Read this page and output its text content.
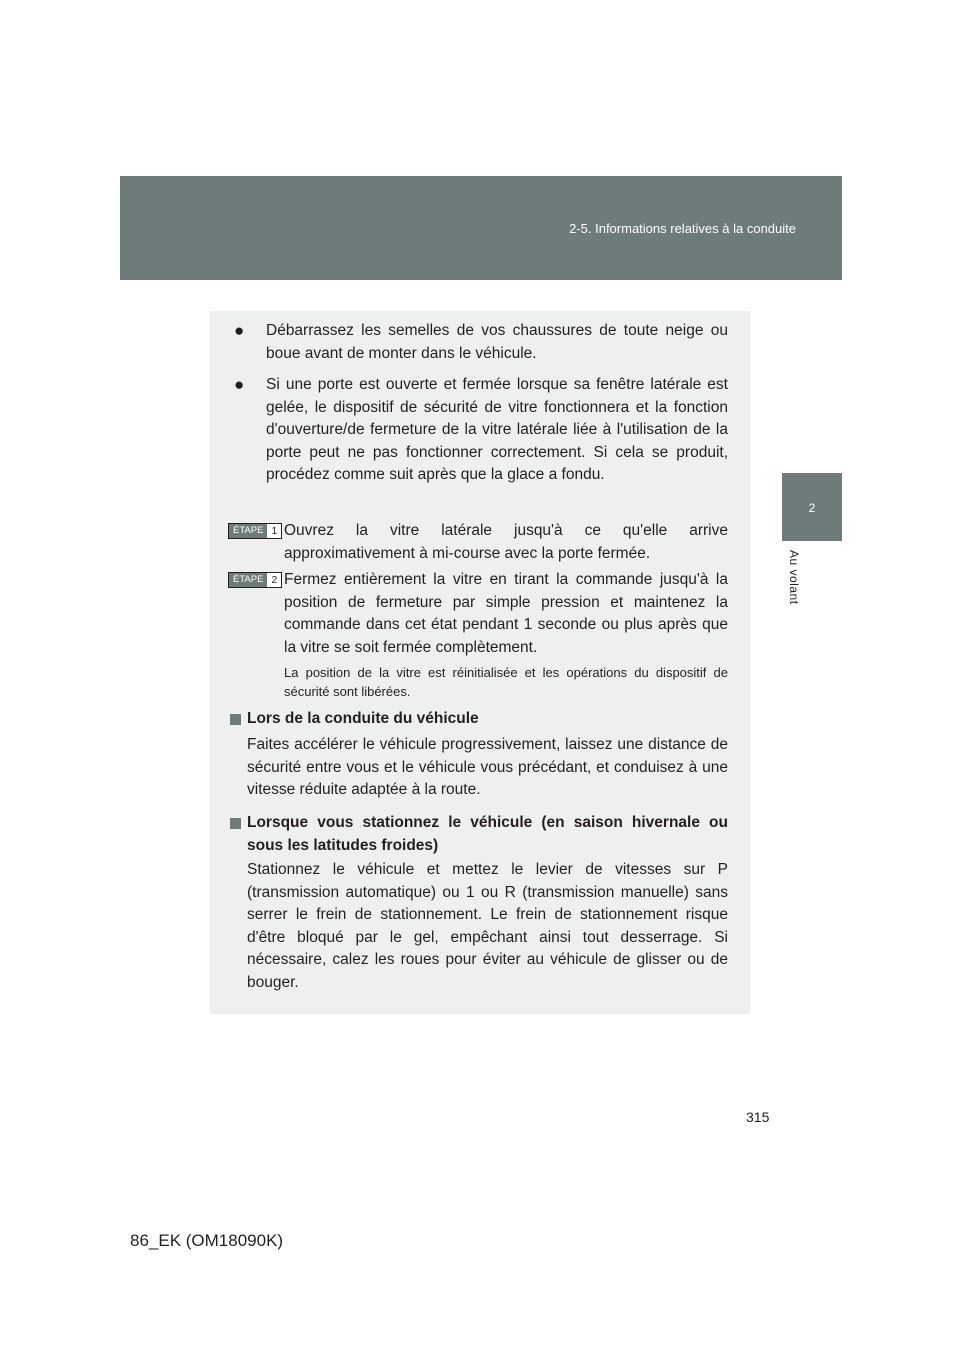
2-5. Informations relatives à la conduite
2
Au volant
● Débarrassez les semelles de vos chaussures de toute neige ou boue avant de monter dans le véhicule.

● Si une porte est ouverte et fermée lorsque sa fenêtre latérale est gelée, le dispositif de sécurité de vitre fonctionnera et la fonction d'ouverture/de fermeture de la vitre latérale liée à l'utilisation de la porte peut ne pas fonctionner correctement. Si cela se produit, procédez comme suit après que la glace a fondu.

ÉTAPE 1 Ouvrez la vitre latérale jusqu'à ce qu'elle arrive approximativement à mi-course avec la porte fermée.

ÉTAPE 2 Fermez entièrement la vitre en tirant la commande jusqu'à la position de fermeture par simple pression et maintenez la commande dans cet état pendant 1 seconde ou plus après que la vitre se soit fermée complètement.

La position de la vitre est réinitialisée et les opérations du dispositif de sécurité sont libérées.

Lors de la conduite du véhicule

Faites accélérer le véhicule progressivement, laissez une distance de sécurité entre vous et le véhicule vous précédant, et conduisez à une vitesse réduite adaptée à la route.

Lorsque vous stationnez le véhicule (en saison hivernale ou sous les latitudes froides)

Stationnez le véhicule et mettez le levier de vitesses sur P (transmission automatique) ou 1 ou R (transmission manuelle) sans serrer le frein de stationnement. Le frein de stationnement risque d'être bloqué par le gel, empêchant ainsi tout desserrage. Si nécessaire, calez les roues pour éviter au véhicule de glisser ou de bouger.

315
86_EK (OM18090K)
